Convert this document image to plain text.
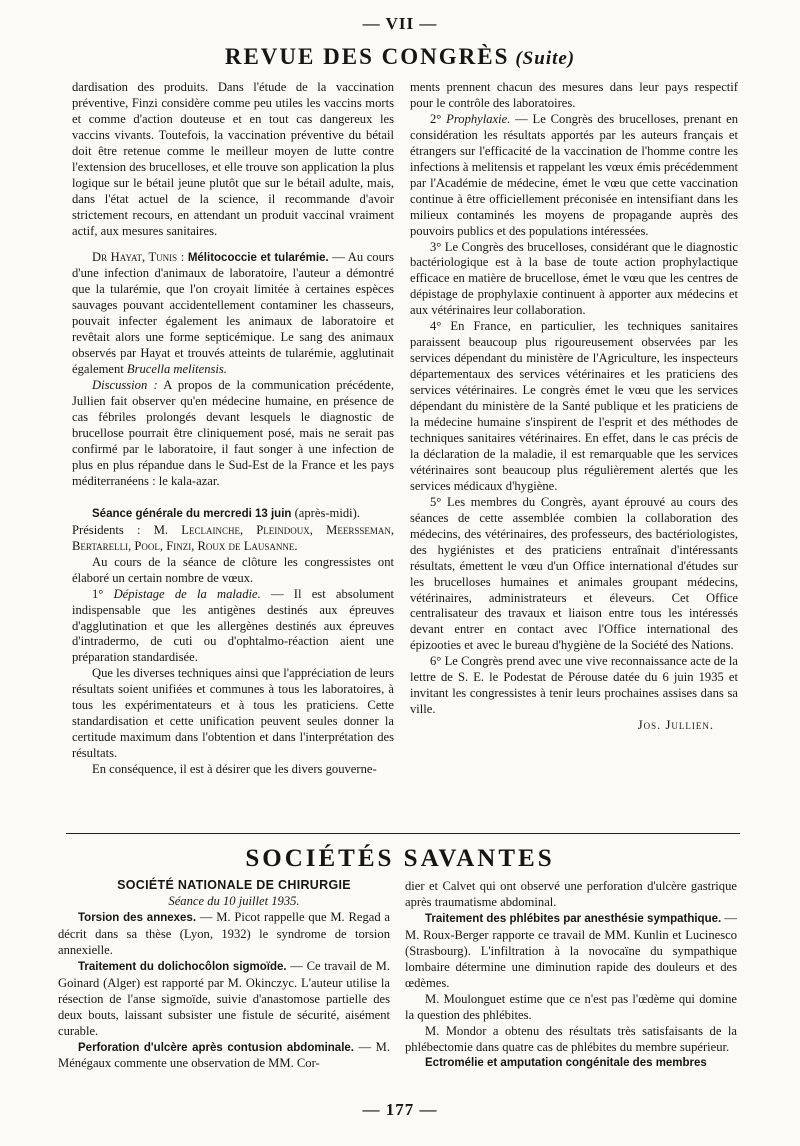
— VII —
REVUE DES CONGRÈS (Suite)

dardisation des produits. Dans l'étude de la vaccination préventive, Finzi considère comme peu utiles les vaccins morts et comme d'action douteuse et en tout cas dangereux les vaccins vivants. Toutefois, la vaccination préventive du bétail doit être retenue comme le meilleur moyen de lutte contre l'extension des brucelloses, et elle trouve son application la plus logique sur le bétail jeune plutôt que sur le bétail adulte, mais, dans l'état actuel de la science, il recommande d'avoir strictement recours, en attendant un produit vaccinal vraiment actif, aux mesures sanitaires.

Dr Hayat, Tunis : Mélitococcie et tularémie. — Au cours d'une infection d'animaux de laboratoire, l'auteur a démontré que la tularémie, que l'on croyait limitée à certaines espèces sauvages pouvant accidentellement contaminer les chasseurs, pouvait infecter également les animaux de laboratoire et revêtait alors une forme septicémique. Le sang des animaux observés par Hayat et trouvés atteints de tularémie, agglutinait également Brucella melitensis.

Discussion : A propos de la communication précédente, Jullien fait observer qu'en médecine humaine, en présence de cas fébriles prolongés devant lesquels le diagnostic de brucellose pourrait être cliniquement posé, mais ne serait pas confirmé par le laboratoire, il faut songer à une infection de plus en plus répandue dans le Sud-Est de la France et les pays méditerranéens : le kala-azar.

Séance générale du mercredi 13 juin (après-midi).

Présidents : M. Leclainche, Pleindoux, Meersseman, Bertarelli, Pool, Finzi, Roux de Lausanne.

Au cours de la séance de clôture les congressistes ont élaboré un certain nombre de vœux.

1° Dépistage de la maladie. — Il est absolument indispensable que les antigènes destinés aux épreuves d'agglutination et que les allergènes destinés aux épreuves d'intradermo, de cuti ou d'ophtalmo-réaction aient une préparation standardisée.

Que les diverses techniques ainsi que l'appréciation de leurs résultats soient unifiées et communes à tous les laboratoires, à tous les expérimentateurs et à tous les praticiens. Cette standardisation et cette unification peuvent seules donner la certitude maximum dans l'obtention et dans l'interprétation des résultats.

En conséquence, il est à désirer que les divers gouverne-

ments prennent chacun des mesures dans leur pays respectif pour le contrôle des laboratoires.

2° Prophylaxie. — Le Congrès des brucelloses, prenant en considération les résultats apportés par les auteurs français et étrangers sur l'efficacité de la vaccination de l'homme contre les infections à melitensis et rappelant les vœux émis précédemment par l'Académie de médecine, émet le vœu que cette vaccination continue à être officiellement préconisée en intensifiant dans les milieux contaminés les moyens de propagande auprès des pouvoirs publics et des populations intéressées.

3° Le Congrès des brucelloses, considérant que le diagnostic bactériologique est à la base de toute action prophylactique efficace en matière de brucellose, émet le vœu que les centres de dépistage de prophylaxie continuent à apporter aux médecins et aux vétérinaires leur collaboration.

4° En France, en particulier, les techniques sanitaires paraissent beaucoup plus rigoureusement observées par les services dépendant du ministère de l'Agriculture, les inspecteurs départementaux des services vétérinaires et les praticiens des services vétérinaires. Le congrès émet le vœu que les services dépendant du ministère de la Santé publique et les praticiens de la médecine humaine s'inspirent de l'esprit et des méthodes de techniques sanitaires vétérinaires. En effet, dans le cas précis de la déclaration de la maladie, il est remarquable que les services vétérinaires sont beaucoup plus régulièrement alertés que les services médicaux d'hygiène.

5° Les membres du Congrès, ayant éprouvé au cours des séances de cette assemblée combien la collaboration des médecins, des vétérinaires, des professeurs, des bactériologistes, des hygiénistes et des praticiens entraînait d'intéressants résultats, émettent le vœu d'un Office international d'études sur les brucelloses humaines et animales groupant médecins, vétérinaires, administrateurs et éleveurs. Cet Office centralisateur des travaux et liaison entre tous les intéressés devant entrer en contact avec l'Office international des épizooties et avec le bureau d'hygiène de la Société des Nations.

6° Le Congrès prend avec une vive reconnaissance acte de la lettre de S. E. le Podestat de Pérouse datée du 6 juin 1935 et invitant les congressistes à tenir leurs prochaines assises dans sa ville.

Jos. Jullien.

SOCIÉTÉS SAVANTES

SOCIÉTÉ NATIONALE DE CHIRURGIE

Séance du 10 juillet 1935.

Torsion des annexes. — M. Picot rappelle que M. Regad a décrit dans sa thèse (Lyon, 1932) le syndrome de torsion annexielle.

Traitement du dolichocôlon sigmoïde. — Ce travail de M. Goinard (Alger) est rapporté par M. Okinczyc. L'auteur utilise la résection de l'anse sigmoïde, suivie d'anastomose partielle des deux bouts, laissant subsister une fistule de sécurité, aisément curable.

Perforation d'ulcère après contusion abdominale. — M. Ménégaux commente une observation de MM. Cor-

dier et Calvet qui ont observé une perforation d'ulcère gastrique après traumatisme abdominal.

Traitement des phlébites par anesthésie sympathique. — M. Roux-Berger rapporte ce travail de MM. Kunlin et Lucinesco (Strasbourg). L'infiltration à la novocaïne du sympathique lombaire détermine une diminution rapide des douleurs et des œdèmes.

M. Moulonguet estime que ce n'est pas l'œdème qui domine la question des phlébites.

M. Mondor a obtenu des résultats très satisfaisants de la phlébectomie dans quatre cas de phlébites du membre supérieur.

Ectromélie et amputation congénitale des membres

— 177 —
